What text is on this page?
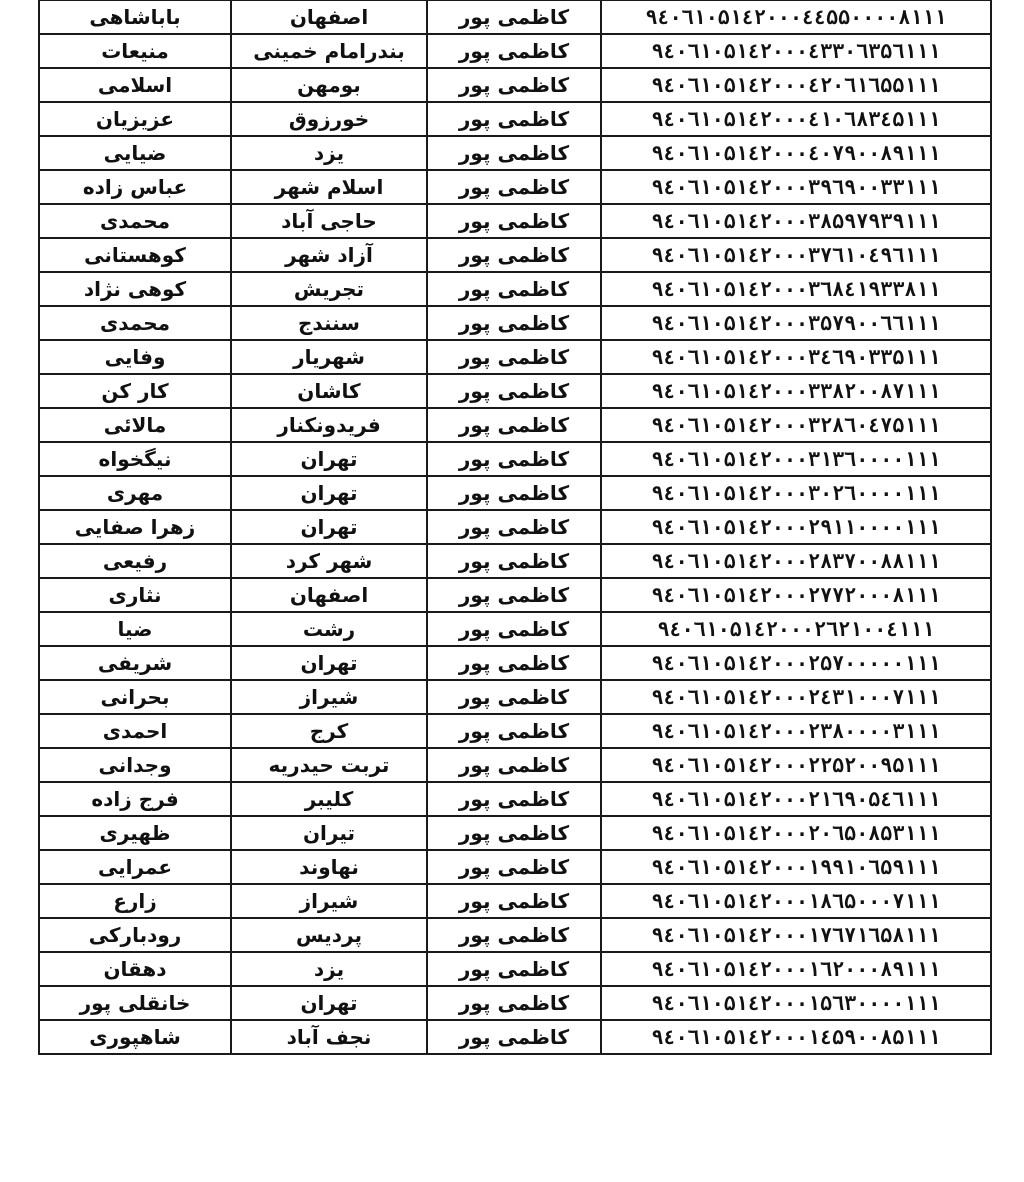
باباشاهی	اصفهان	کاظمی پور	۹٤۰٦۱۰۵۱٤۲۰۰۰٤٤۵۵۰۰۰۰۸۱۱۱
منیعات	بندرامام خمینی	کاظمی پور	۹٤۰٦۱۰۵۱٤۲۰۰۰٤۳۳۰٦۳۵٦۱۱۱
اسلامی	بومهن	کاظمی پور	۹٤۰٦۱۰۵۱٤۲۰۰۰٤۲۰٦۱٦۵۵۱۱۱
عزیزیان	خورزوق	کاظمی پور	۹٤۰٦۱۰۵۱٤۲۰۰۰٤۱۰٦۸۳٤۵۱۱۱
ضیایی	یزد	کاظمی پور	۹٤۰٦۱۰۵۱٤۲۰۰۰٤۰۷۹۰۰۸۹۱۱۱
عباس زاده	اسلام شهر	کاظمی پور	۹٤۰٦۱۰۵۱٤۲۰۰۰۳۹٦۹۰۰۳۳۱۱۱
محمدی	حاجی آباد	کاظمی پور	۹٤۰٦۱۰۵۱٤۲۰۰۰۳۸۵۹۷۹۳۹۱۱۱
کوهستانی	آزاد شهر	کاظمی پور	۹٤۰٦۱۰۵۱٤۲۰۰۰۳۷٦۱۰٤۹٦۱۱۱
کوهی نژاد	تجریش	کاظمی پور	۹٤۰٦۱۰۵۱٤۲۰۰۰۳٦۸٤۱۹۳۳۸۱۱
محمدی	سنندج	کاظمی پور	۹٤۰٦۱۰۵۱٤۲۰۰۰۳۵۷۹۰۰٦٦۱۱۱
وفایی	شهریار	کاظمی پور	۹٤۰٦۱۰۵۱٤۲۰۰۰۳٤٦۹۰۳۳۵۱۱۱
کار کن	کاشان	کاظمی پور	۹٤۰٦۱۰۵۱٤۲۰۰۰۳۳۸۲۰۰۸۷۱۱۱
مالائی	فریدونکنار	کاظمی پور	۹٤۰٦۱۰۵۱٤۲۰۰۰۳۲۸٦۰٤۷۵۱۱۱
نیگخواه	تهران	کاظمی پور	۹٤۰٦۱۰۵۱٤۲۰۰۰۳۱۳٦۰۰۰۰۱۱۱
مهری	تهران	کاظمی پور	۹٤۰٦۱۰۵۱٤۲۰۰۰۳۰۲٦۰۰۰۰۱۱۱
زهرا صفایی	تهران	کاظمی پور	۹٤۰٦۱۰۵۱٤۲۰۰۰۲۹۱۱۰۰۰۰۱۱۱
رفیعی	شهر کرد	کاظمی پور	۹٤۰٦۱۰۵۱٤۲۰۰۰۲۸۳۷۰۰۸۸۱۱۱
نثاری	اصفهان	کاظمی پور	۹٤۰٦۱۰۵۱٤۲۰۰۰۲۷۷۲۰۰۰۸۱۱۱
ضیا	رشت	کاظمی پور	۹٤۰٦۱۰۵۱٤۲۰۰۰۲٦۲۱۰۰٤۱۱۱
شریفی	تهران	کاظمی پور	۹٤۰٦۱۰۵۱٤۲۰۰۰۲۵۷۰۰۰۰۰۱۱۱
بحرانی	شیراز	کاظمی پور	۹٤۰٦۱۰۵۱٤۲۰۰۰۲٤۳۱۰۰۰۷۱۱۱
احمدی	کرج	کاظمی پور	۹٤۰٦۱۰۵۱٤۲۰۰۰۲۳۸۰۰۰۰۳۱۱۱
وجدانی	تربت حیدریه	کاظمی پور	۹٤۰٦۱۰۵۱٤۲۰۰۰۲۲۵۲۰۰۹۵۱۱۱
فرج زاده	کلیبر	کاظمی پور	۹٤۰٦۱۰۵۱٤۲۰۰۰۲۱٦۹۰۵٤٦۱۱۱
ظهیری	تیران	کاظمی پور	۹٤۰٦۱۰۵۱٤۲۰۰۰۲۰٦۵۰۸۵۳۱۱۱
عمرایی	نهاوند	کاظمی پور	۹٤۰٦۱۰۵۱٤۲۰۰۰۱۹۹۱۰٦۵۹۱۱۱
زارع	شیراز	کاظمی پور	۹٤۰٦۱۰۵۱٤۲۰۰۰۱۸٦۵۰۰۰۷۱۱۱
رودبارکی	پردیس	کاظمی پور	۹٤۰٦۱۰۵۱٤۲۰۰۰۱۷٦۷۱٦۵۸۱۱۱
دهقان	یزد	کاظمی پور	۹٤۰٦۱۰۵۱٤۲۰۰۰۱٦۲۰۰۰۸۹۱۱۱
خانقلی پور	تهران	کاظمی پور	۹٤۰٦۱۰۵۱٤۲۰۰۰۱۵٦۳۰۰۰۰۱۱۱
شاهپوری	نجف آباد	کاظمی پور	۹٤۰٦۱۰۵۱٤۲۰۰۰۱٤۵۹۰۰۸۵۱۱۱
